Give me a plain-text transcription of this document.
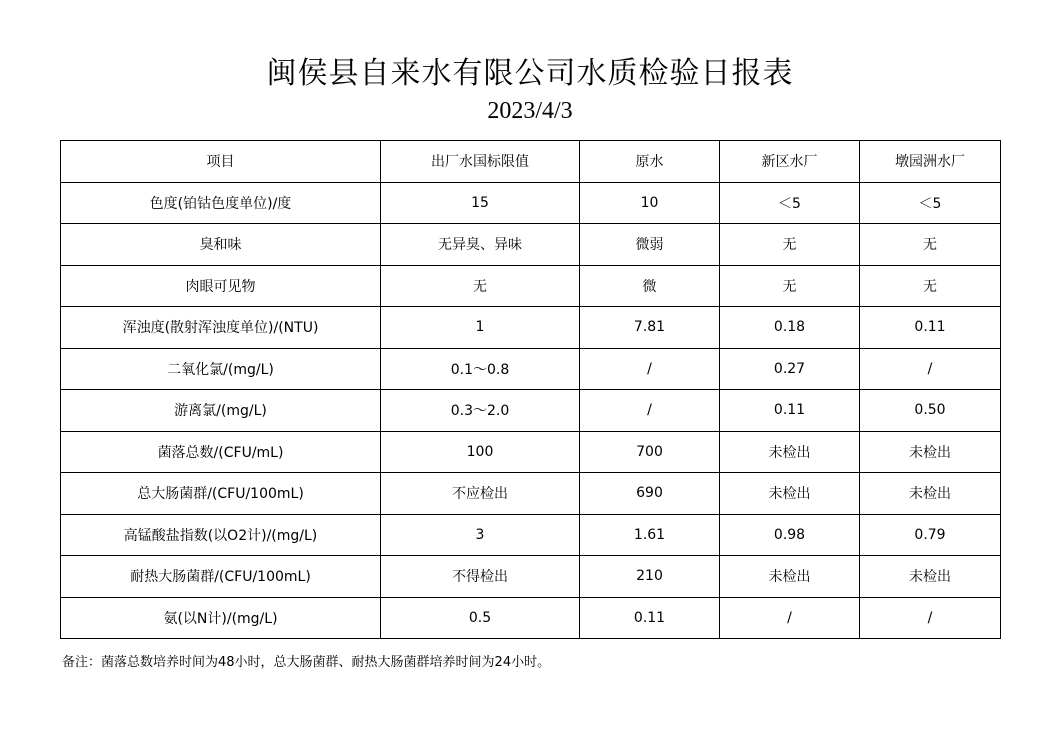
闽侯县自来水有限公司水质检验日报表
2023/4/3
项目	出厂水国标限值	原水	新区水厂	墩园洲水厂
色度(铂钴色度单位)/度	15	10	＜5	＜5
臭和味	无异臭、异味	微弱	无	无
肉眼可见物	无	微	无	无
浑浊度(散射浑浊度单位)/(NTU)	1	7.81	0.18	0.11
二氧化氯/(mg/L)	0.1～0.8	/	0.27	/
游离氯/(mg/L)	0.3～2.0	/	0.11	0.50
菌落总数/(CFU/mL)	100	700	未检出	未检出
总大肠菌群/(CFU/100mL)	不应检出	690	未检出	未检出
高锰酸盐指数(以O2计)/(mg/L)	3	1.61	0.98	0.79
耐热大肠菌群/(CFU/100mL)	不得检出	210	未检出	未检出
氨(以N计)/(mg/L)	0.5	0.11	/	/
备注：菌落总数培养时间为48小时，总大肠菌群、耐热大肠菌群培养时间为24小时。
